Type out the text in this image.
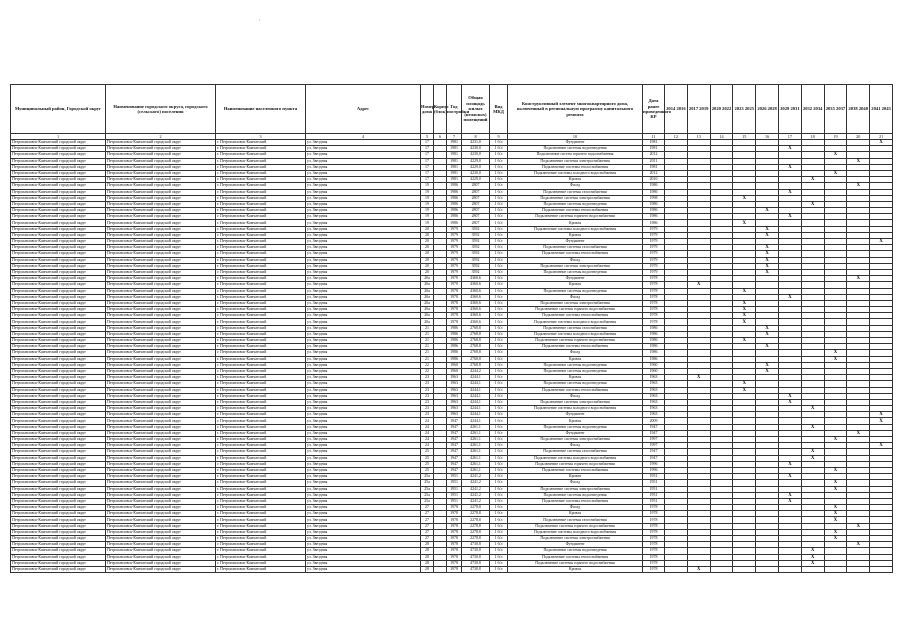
·
Муниципальный район, Городской округ	Наименование городского округа, городского (сельского) поселения	Наименование населенного пункта	Адрес	Номер дома	Корпус (блок)	Год постройки	Общая площадь жилых (нежилых) помещений	Вид МКД	Конструктивный элемент многоквартирного дома, включенный в региональную программу капитального ремонта	Дата ранее проведенного КР	2014 2016	2017 2019	2020 2022	2023 2025	2026 2028	2029 2031	2032 2034	2035 2037	2038 2040	2041 2043
1	2	3	4	5	6	7	8	9	10	11	12	13	14	15	16	17	18	19	20	21
Петропавловск-Камчатский городской округ	Петропавловск-Камчатский городской округ	г. Петропавловск-Камчатский	ул. Звездная	17		1981	4231,0	1 б/л	Фундамент	1981										X
Петропавловск-Камчатский городской округ	Петропавловск-Камчатский городской округ	г. Петропавловск-Камчатский	ул. Звездная	17		1981	4230,0	1 б/л	Подключение системы водоотведения	1981						X				
Петропавловск-Камчатский городской округ	Петропавловск-Камчатский городской округ	г. Петропавловск-Камчатский	ул. Звездная	17		1981	4230,0	1 б/л	Подключение систем горячего водоснабжения	2012								X		
Петропавловск-Камчатский городской округ	Петропавловск-Камчатский городской округ	г. Петропавловск-Камчатский	ул. Звездная	17		1981	4229,0	1 б/л	Подключение системы электроснабжения	2011									X	
Петропавловск-Камчатский городской округ	Петропавловск-Камчатский городской округ	г. Петропавловск-Камчатский	ул. Звездная	17		1981	4229,0	1 б/л	Подключение системы теплоснабжения	1981						X				
Петропавловск-Камчатский городской округ	Петропавловск-Камчатский городской округ	г. Петропавловск-Камчатский	ул. Звездная	17		1981	4230,0	1 б/л	Подключение системы холодного водоснабжения	2012								X		
Петропавловск-Камчатский городской округ	Петропавловск-Камчатский городской округ	г. Петропавловск-Камчатский	ул. Звездная	17		1981	4229,0	1 б/л	Кровля	2010							X			
Петропавловск-Камчатский городской округ	Петропавловск-Камчатский городской округ	г. Петропавловск-Камчатский	ул. Звездная	19		1986	2807	1 б/л	Фасад	1986									X	
Петропавловск-Камчатский городской округ	Петропавловск-Камчатский городской округ	г. Петропавловск-Камчатский	ул. Звездная	19		1986	2807	1 б/л	Подключение системы газоснабжения	1986						X				
Петропавловск-Камчатский городской округ	Петропавловск-Камчатский городской округ	г. Петропавловск-Камчатский	ул. Звездная	19		1986	2807	1 б/л	Подключение системы электроснабжения	1998				X						
Петропавловск-Камчатский городской округ	Петропавловск-Камчатский городской округ	г. Петропавловск-Камчатский	ул. Звездная	19		1986	2807	1 б/л	Подключение системы водоотведения	1986							X			
Петропавловск-Камчатский городской округ	Петропавловск-Камчатский городской округ	г. Петропавловск-Камчатский	ул. Звездная	19		1986	2807	1 б/л	Подключение системы теплоснабжения	1986					X					
Петропавловск-Камчатский городской округ	Петропавловск-Камчатский городской округ	г. Петропавловск-Камчатский	ул. Звездная	19		1986	2807	1 б/л	Подключение системы горячего водоснабжения	1986						X				
Петропавловск-Камчатский городской округ	Петропавловск-Камчатский городской округ	г. Петропавловск-Камчатский	ул. Звездная	19		1986	2807	1 б/л	Кровля	1986				X						
Петропавловск-Камчатский городской округ	Петропавловск-Камчатский городской округ	г. Петропавловск-Камчатский	ул. Звездная	20		1979	3592	1 б/л	Подключение системы холодного водоснабжения	1979					X					
Петропавловск-Камчатский городской округ	Петропавловск-Камчатский городской округ	г. Петропавловск-Камчатский	ул. Звездная	20		1979	3592	1 б/л	Кровля	1979					X					
Петропавловск-Камчатский городской округ	Петропавловск-Камчатский городской округ	г. Петропавловск-Камчатский	ул. Звездная	20		1979	3592	1 б/л	Фундамент	1979										X
Петропавловск-Камчатский городской округ	Петропавловск-Камчатский городской округ	г. Петропавловск-Камчатский	ул. Звездная	20		1979	3592	1 б/л	Подключение системы газоснабжения	1979					X					
Петропавловск-Камчатский городской округ	Петропавловск-Камчатский городской округ	г. Петропавловск-Камчатский	ул. Звездная	20		1979	3592	1 б/л	Подключение системы теплоснабжения	1979					X					
Петропавловск-Камчатский городской округ	Петропавловск-Камчатский городской округ	г. Петропавловск-Камчатский	ул. Звездная	20		1979	3592	1 б/л	Фасад	1979					X					
Петропавловск-Камчатский городской округ	Петропавловск-Камчатский городской округ	г. Петропавловск-Камчатский	ул. Звездная	20		1979	3592	1 б/л	Подключение системы электроснабжения	1979					X					
Петропавловск-Камчатский городской округ	Петропавловск-Камчатский городской округ	г. Петропавловск-Камчатский	ул. Звездная	20		1979	3592	1 б/л	Подключение системы водоотведения	1979					X					
Петропавловск-Камчатский городской округ	Петропавловск-Камчатский городской округ	г. Петропавловск-Камчатский	ул. Звездная	20а		1978	4360,6	1 б/л	Фундамент	1978									X	
Петропавловск-Камчатский городской округ	Петропавловск-Камчатский городской округ	г. Петропавловск-Камчатский	ул. Звездная	20а		1978	4360,6	1 б/л	Кровля	1978		X								
Петропавловск-Камчатский городской округ	Петропавловск-Камчатский городской округ	г. Петропавловск-Камчатский	ул. Звездная	20а		1978	4360,6	1 б/л	Подключение системы водоотведения	1978				X						
Петропавловск-Камчатский городской округ	Петропавловск-Камчатский городской округ	г. Петропавловск-Камчатский	ул. Звездная	20а		1978	4360,6	1 б/л	Фасад	1978						X				
Петропавловск-Камчатский городской округ	Петропавловск-Камчатский городской округ	г. Петропавловск-Камчатский	ул. Звездная	20а		1978	4360,6	1 б/л	Подключение системы электроснабжения	1978				X						
Петропавловск-Камчатский городской округ	Петропавловск-Камчатский городской округ	г. Петропавловск-Камчатский	ул. Звездная	20а		1978	4360,6	1 б/л	Подключение системы горячего водоснабжения	1978				X						
Петропавловск-Камчатский городской округ	Петропавловск-Камчатский городской округ	г. Петропавловск-Камчатский	ул. Звездная	20а		1978	4360,6	1 б/л	Подключение системы теплоснабжения	1978				X						
Петропавловск-Камчатский городской округ	Петропавловск-Камчатский городской округ	г. Петропавловск-Камчатский	ул. Звездная	20а		1978	4360,6	1 б/л	Подключение системы холодного водоснабжения	1978				X						
Петропавловск-Камчатский городской округ	Петропавловск-Камчатский городской округ	г. Петропавловск-Камчатский	ул. Звездная	21		1986	2768,8	1 б/л	Подключение системы газоснабжения	1986					X					
Петропавловск-Камчатский городской округ	Петропавловск-Камчатский городской округ	г. Петропавловск-Камчатский	ул. Звездная	21		1986	2768,8	1 б/л	Подключение системы холодного водоснабжения	1986					X					
Петропавловск-Камчатский городской округ	Петропавловск-Камчатский городской округ	г. Петропавловск-Камчатский	ул. Звездная	21		1986	2768,8	1 б/л	Подключение системы горячего водоснабжения	1986				X						
Петропавловск-Камчатский городской округ	Петропавловск-Камчатский городской округ	г. Петропавловск-Камчатский	ул. Звездная	21		1986	2768,8	1 б/л	Подключение системы теплоснабжения	1986					X					
Петропавловск-Камчатский городской округ	Петропавловск-Камчатский городской округ	г. Петропавловск-Камчатский	ул. Звездная	21		1986	2768,8	1 б/л	Фасад	1986								X		
Петропавловск-Камчатский городской округ	Петропавловск-Камчатский городской округ	г. Петропавловск-Камчатский	ул. Звездная	21		1986	2768,8	1 б/л	Кровля	1986								X		
Петропавловск-Камчатский городской округ	Петропавловск-Камчатский городской округ	г. Петропавловск-Камчатский	ул. Звездная	22		1960	2768,8	1 б/л	Подключение системы водоотведения	1960					X					
Петропавловск-Камчатский городской округ	Петропавловск-Камчатский городской округ	г. Петропавловск-Камчатский	ул. Звездная	22		1960	4244,2	1 б/л	Подключение системы водоотведения	1960					X					
Петропавловск-Камчатский городской округ	Петропавловск-Камчатский городской округ	г. Петропавловск-Камчатский	ул. Звездная	23		1963	4244,1	1 б/л	Кровля	1963		X								
Петропавловск-Камчатский городской округ	Петропавловск-Камчатский городской округ	г. Петропавловск-Камчатский	ул. Звездная	23		1963	4244,1	1 б/л	Подключение системы водоотведения	1963				X						
Петропавловск-Камчатский городской округ	Петропавловск-Камчатский городской округ	г. Петропавловск-Камчатский	ул. Звездная	23		1963	4244,1	1 б/л	Подключение системы теплоснабжения	1963				X						
Петропавловск-Камчатский городской округ	Петропавловск-Камчатский городской округ	г. Петропавловск-Камчатский	ул. Звездная	23		1963	4244,1	1 б/л	Фасад	1963						X				
Петропавловск-Камчатский городской округ	Петропавловск-Камчатский городской округ	г. Петропавловск-Камчатский	ул. Звездная	23		1963	4244,1	1 б/л	Подключение системы электроснабжения	1963						X				
Петропавловск-Камчатский городской округ	Петропавловск-Камчатский городской округ	г. Петропавловск-Камчатский	ул. Звездная	23		1963	4244,1	1 б/л	Подключение системы холодного водоснабжения	1963							X			
Петропавловск-Камчатский городской округ	Петропавловск-Камчатский городской округ	г. Петропавловск-Камчатский	ул. Звездная	23		1963	4244,1	1 б/л	Фундамент	1963										X
Петропавловск-Камчатский городской округ	Петропавловск-Камчатский городской округ	г. Петропавловск-Камчатский	ул. Звездная	24		1947	4244,1	1 б/л	Кровля	2009										X
Петропавловск-Камчатский городской округ	Петропавловск-Камчатский городской округ	г. Петропавловск-Камчатский	ул. Звездная	24		1947	4261,1	1 б/л	Подключение системы водоотведения	1947							X			
Петропавловск-Камчатский городской округ	Петропавловск-Камчатский городской округ	г. Петропавловск-Камчатский	ул. Звездная	24		1947	4261,1	1 б/л	Фундамент	1947									X	
Петропавловск-Камчатский городской округ	Петропавловск-Камчатский городской округ	г. Петропавловск-Камчатский	ул. Звездная	24		1947	4261,1	1 б/л	Подключение системы электроснабжения	1997								X		
Петропавловск-Камчатский городской округ	Петропавловск-Камчатский городской округ	г. Петропавловск-Камчатский	ул. Звездная	24		1947	4261,1	1 б/л	Фасад	1997										X
Петропавловск-Камчатский городской округ	Петропавловск-Камчатский городской округ	г. Петропавловск-Камчатский	ул. Звездная	25		1947	4261,1	1 б/л	Подключение системы газоснабжения	1947							X			
Петропавловск-Камчатский городской округ	Петропавловск-Камчатский городской округ	г. Петропавловск-Камчатский	ул. Звездная	25		1947	4261,1	1 б/л	Подключение системы холодного водоснабжения	1947							X			
Петропавловск-Камчатский городской округ	Петропавловск-Камчатский городской округ	г. Петропавловск-Камчатский	ул. Звездная	25		1947	4261,1	1 б/л	Подключение системы горячего водоснабжения	1996						X				
Петропавловск-Камчатский городской округ	Петропавловск-Камчатский городской округ	г. Петропавловск-Камчатский	ул. Звездная	25		1947	4261,1	1 б/л	Подключение системы теплоснабжения	1996								X		
Петропавловск-Камчатский городской округ	Петропавловск-Камчатский городской округ	г. Петропавловск-Камчатский	ул. Звездная	25а		1951	4241,2	1 б/л	Кровля	1951						X				
Петропавловск-Камчатский городской округ	Петропавловск-Камчатский городской округ	г. Петропавловск-Камчатский	ул. Звездная	25а		1951	4241,2	1 б/л	Фасад	1951								X		
Петропавловск-Камчатский городской округ	Петропавловск-Камчатский городской округ	г. Петропавловск-Камчатский	ул. Звездная	25а		1951	4241,2	1 б/л	Подключение системы электроснабжения	1951								X		
Петропавловск-Камчатский городской округ	Петропавловск-Камчатский городской округ	г. Петропавловск-Камчатский	ул. Звездная	25а		1951	4241,2	1 б/л	Подключение системы водоотведения	1951						X				
Петропавловск-Камчатский городской округ	Петропавловск-Камчатский городской округ	г. Петропавловск-Камчатский	ул. Звездная	25а		1951	4241,2	1 б/л	Подключение системы теплоснабжения	1951						X				
Петропавловск-Камчатский городской округ	Петропавловск-Камчатский городской округ	г. Петропавловск-Камчатский	ул. Звездная	27		1978	2278,8	1 б/л	Фасад	1978								X		
Петропавловск-Камчатский городской округ	Петропавловск-Камчатский городской округ	г. Петропавловск-Камчатский	ул. Звездная	27		1978	2278,8	1 б/л	Кровля	1978								X		
Петропавловск-Камчатский городской округ	Петропавловск-Камчатский городской округ	г. Петропавловск-Камчатский	ул. Звездная	27		1978	2278,8	1 б/л	Подключение системы газоснабжения	1978								X		
Петропавловск-Камчатский городской округ	Петропавловск-Камчатский городской округ	г. Петропавловск-Камчатский	ул. Звездная	27		1978	2278,8	1 б/л	Подключение системы горячего водоснабжения	1978									X	
Петропавловск-Камчатский городской округ	Петропавловск-Камчатский городской округ	г. Петропавловск-Камчатский	ул. Звездная	27		1978	2278,8	1 б/л	Подключение системы холодного водоснабжения	1978								X		
Петропавловск-Камчатский городской округ	Петропавловск-Камчатский городской округ	г. Петропавловск-Камчатский	ул. Звездная	27		1978	2278,8	1 б/л	Подключение системы электроснабжения	1978								X		
Петропавловск-Камчатский городской округ	Петропавловск-Камчатский городской округ	г. Петропавловск-Камчатский	ул. Звездная	28		1978	4730,8	1 б/л	Фундамент	1978									X	
Петропавловск-Камчатский городской округ	Петропавловск-Камчатский городской округ	г. Петропавловск-Камчатский	ул. Звездная	28		1978	4730,8	1 б/л	Подключение системы водоотведения	1978							X			
Петропавловск-Камчатский городской округ	Петропавловск-Камчатский городской округ	г. Петропавловск-Камчатский	ул. Звездная	28		1978	4730,8	1 б/л	Подключение системы теплоснабжения	1978							X			
Петропавловск-Камчатский городской округ	Петропавловск-Камчатский городской округ	г. Петропавловск-Камчатский	ул. Звездная	28		1978	4730,8	1 б/л	Подключение системы горячего водоснабжения	1978							X			
Петропавловск-Камчатский городской округ	Петропавловск-Камчатский городской округ	г. Петропавловск-Камчатский	ул. Звездная	28		1978	4730,8	1 б/л	Кровля	1978		X								
